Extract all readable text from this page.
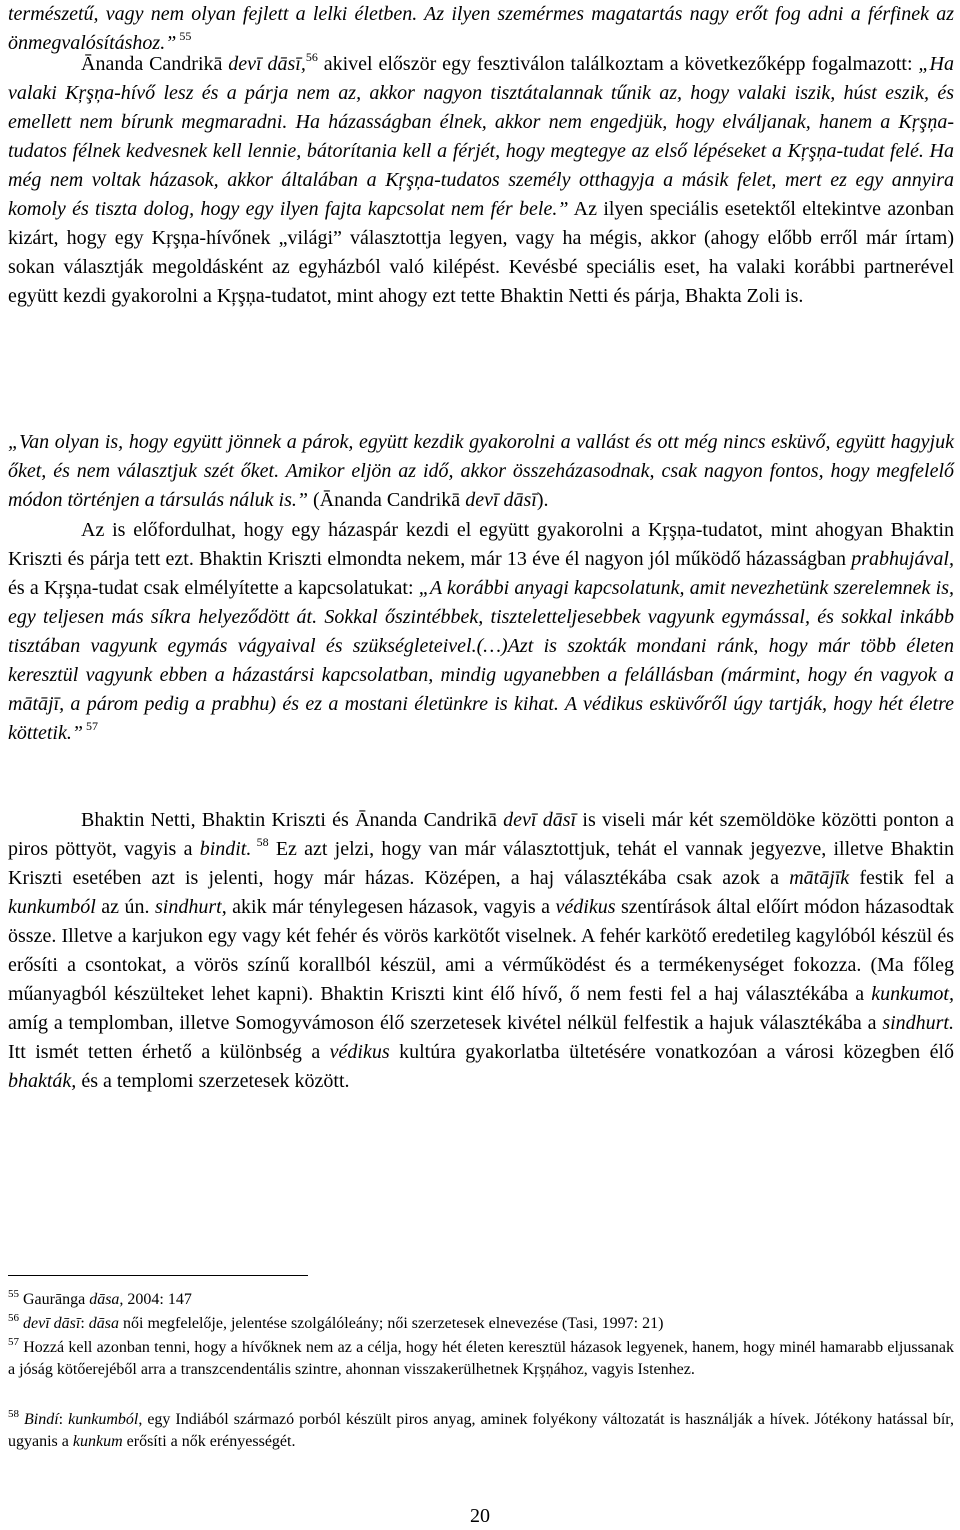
természetű, vagy nem olyan fejlett a lelki életben. Az ilyen szemérmes magatartás nagy erőt fog adni a férfinek az önmegvalósításhoz.” $^{55}$

Ānanda Candrikā devī dāsī,$^{56}$ akivel először egy fesztiválon találkoztam a következőképp fogalmazott: „Ha valaki Kŗşņa-hívő lesz és a párja nem az, akkor nagyon tisztátalannak tűnik az, hogy valaki iszik, húst eszik, és emellett nem bírunk megmaradni. Ha házasságban élnek, akkor nem engedjük, hogy elváljanak, hanem a Kŗşņa-tudatos félnek kedvesnek kell lennie, bátorítania kell a férjét, hogy megtegye az első lépéseket a Kŗşņa-tudat felé. Ha még nem voltak házasok, akkor általában a Kŗşņa-tudatos személy otthagyja a másik felet, mert ez egy annyira komoly és tiszta dolog, hogy egy ilyen fajta kapcsolat nem fér bele.” Az ilyen speciális esetektől eltekintve azonban kizárt, hogy egy Kŗşņa-hívőnek „világi” választottja legyen, vagy ha mégis, akkor (ahogy előbb erről már írtam) sokan választják megoldásként az egyházból való kilépést. Kevésbé speciális eset, ha valaki korábbi partnerével együtt kezdi gyakorolni a Kŗşņa-tudatot, mint ahogy ezt tette Bhaktin Netti és párja, Bhakta Zoli is.

„Van olyan is, hogy együtt jönnek a párok, együtt kezdik gyakorolni a vallást és ott még nincs esküvő, együtt hagyjuk őket, és nem választjuk szét őket. Amikor eljön az idő, akkor összeházasodnak, csak nagyon fontos, hogy megfelelő módon történjen a társulás náluk is.” (Ānanda Candrikā devī dāsī).

Az is előfordulhat, hogy egy házaspár kezdi el együtt gyakorolni a Kŗşņa-tudatot, mint ahogyan Bhaktin Kriszti és párja tett ezt. Bhaktin Kriszti elmondta nekem, már 13 éve él nagyon jól működő házasságban prabhujával, és a Kŗşņa-tudat csak elmélyítette a kapcsolatukat: „A korábbi anyagi kapcsolatunk, amit nevezhetünk szerelemnek is, egy teljesen más síkra helyeződött át. Sokkal őszintébbek, tiszteletteljesebbek vagyunk egymással, és sokkal inkább tisztában vagyunk egymás vágyaival és szükségleteivel.(…)Azt is szokták mondani ránk, hogy már több életen keresztül vagyunk ebben a házastársi kapcsolatban, mindig ugyanebben a felállásban (mármint, hogy én vagyok a mātājī, a párom pedig a prabhu) és ez a mostani életünkre is kihat. A védikus esküvőről úgy tartják, hogy hét életre köttetik.” $^{57}$

Bhaktin Netti, Bhaktin Kriszti és Ānanda Candrikā devī dāsī is viseli már két szemöldöke közötti ponton a piros pöttyöt, vagyis a bindit. $^{58}$ Ez azt jelzi, hogy van már választottjuk, tehát el vannak jegyezve, illetve Bhaktin Kriszti esetében azt is jelenti, hogy már házas. Középen, a haj választékába csak azok a mātājīk festik fel a kunkumból az ún. sindhurt, akik már ténylegesen házasok, vagyis a védikus szentírások által előírt módon házasodtak össze. Illetve a karjukon egy vagy két fehér és vörös karkötőt viselnek. A fehér karkötő eredetileg kagylóból készül és erősíti a csontokat, a vörös színű korallból készül, ami a vérműködést és a termékenységet fokozza. (Ma főleg műanyagból készülteket lehet kapni). Bhaktin Kriszti kint élő hívő, ő nem festi fel a haj választékába a kunkumot, amíg a templomban, illetve Somogyvámoson élő szerzetesek kivétel nélkül felfestik a hajuk választékába a sindhurt. Itt ismét tetten érhető a különbség a védikus kultúra gyakorlatba ültetésére vonatkozóan a városi közegben élő bhakták, és a templomi szerzetesek között.

$^{55}$ Gaurānga dāsa, 2004: 147

$^{56}$ devī dāsī: dāsa női megfelelője, jelentése szolgálóleány; női szerzetesek elnevezése (Tasi, 1997: 21)

$^{57}$ Hozzá kell azonban tenni, hogy a hívőknek nem az a célja, hogy hét életen keresztül házasok legyenek, hanem, hogy minél hamarabb eljussanak a jóság kötőerejéből arra a transzcendentális szintre, ahonnan visszakerülhetnek Kŗşņához, vagyis Istenhez.

$^{58}$ Bindí: kunkumból, egy Indiából származó porból készült piros anyag, aminek folyékony változatát is használják a hívek. Jótékony hatással bír, ugyanis a kunkum erősíti a nők erényességét.

20
